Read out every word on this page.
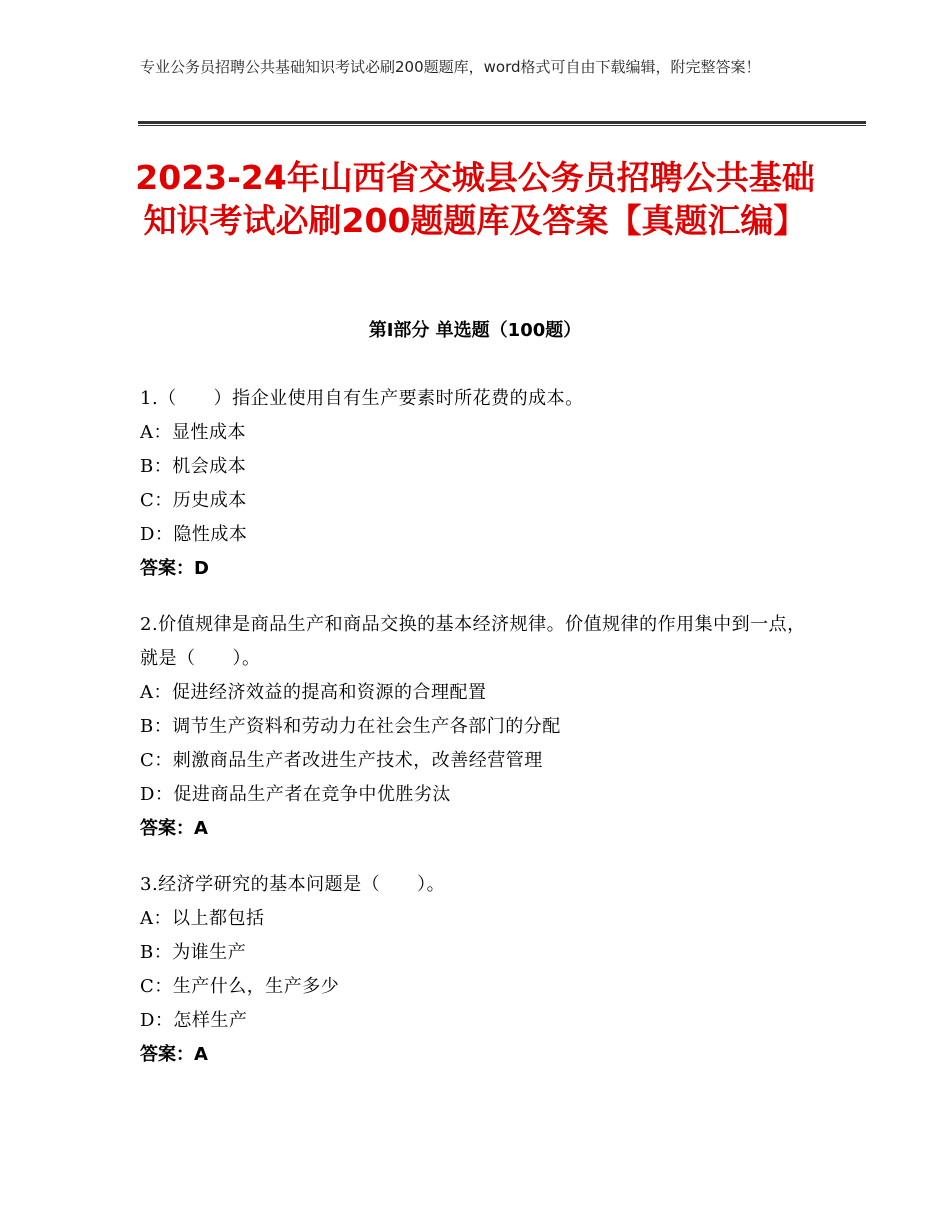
专业公务员招聘公共基础知识考试必刷200题题库，word格式可自由下载编辑，附完整答案！
2023-24年山西省交城县公务员招聘公共基础知识考试必刷200题题库及答案【真题汇编】
第Ⅰ部分 单选题（100题）
1.（　　）指企业使用自有生产要素时所花费的成本。
A：显性成本
B：机会成本
C：历史成本
D：隐性成本
答案：D
2.价值规律是商品生产和商品交换的基本经济规律。价值规律的作用集中到一点，就是（　　）。
A：促进经济效益的提高和资源的合理配置
B：调节生产资料和劳动力在社会生产各部门的分配
C：刺激商品生产者改进生产技术，改善经营管理
D：促进商品生产者在竞争中优胜劣汰
答案：A
3.经济学研究的基本问题是（　　）。
A：以上都包括
B：为谁生产
C：生产什么，生产多少
D：怎样生产
答案：A
